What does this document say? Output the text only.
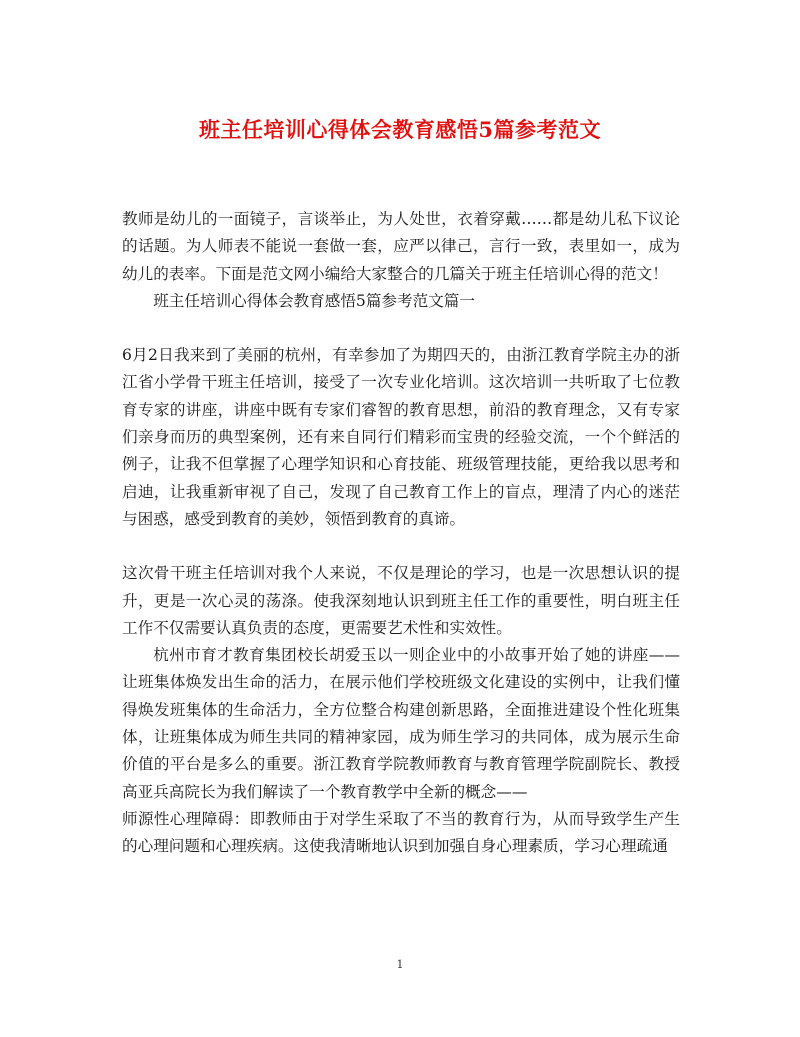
班主任培训心得体会教育感悟5篇参考范文

教师是幼儿的一面镜子，言谈举止，为人处世，衣着穿戴……都是幼儿私下议论的话题。为人师表不能说一套做一套，应严以律己，言行一致，表里如一，成为幼儿的表率。下面是范文网小编给大家整合的几篇关于班主任培训心得的范文！

班主任培训心得体会教育感悟5篇参考范文篇一

6月2日我来到了美丽的杭州，有幸参加了为期四天的，由浙江教育学院主办的浙江省小学骨干班主任培训，接受了一次专业化培训。这次培训一共听取了七位教育专家的讲座，讲座中既有专家们睿智的教育思想，前沿的教育理念，又有专家们亲身而历的典型案例，还有来自同行们精彩而宝贵的经验交流，一个个鲜活的例子，让我不但掌握了心理学知识和心育技能、班级管理技能，更给我以思考和启迪，让我重新审视了自己，发现了自己教育工作上的盲点，理清了内心的迷茫与困惑，感受到教育的美妙，领悟到教育的真谛。

这次骨干班主任培训对我个人来说，不仅是理论的学习，也是一次思想认识的提升，更是一次心灵的荡涤。使我深刻地认识到班主任工作的重要性，明白班主任工作不仅需要认真负责的态度，更需要艺术性和实效性。

杭州市育才教育集团校长胡爱玉以一则企业中的小故事开始了她的讲座——让班集体焕发出生命的活力，在展示他们学校班级文化建设的实例中，让我们懂得焕发班集体的生命活力，全方位整合构建创新思路，全面推进建设个性化班集体，让班集体成为师生共同的精神家园，成为师生学习的共同体，成为展示生命价值的平台是多么的重要。浙江教育学院教师教育与教育管理学院副院长、教授高亚兵高院长为我们解读了一个教育教学中全新的概念——

师源性心理障碍：即教师由于对学生采取了不当的教育行为，从而导致学生产生的心理问题和心理疾病。这使我清晰地认识到加强自身心理素质，学习心理疏通

1
